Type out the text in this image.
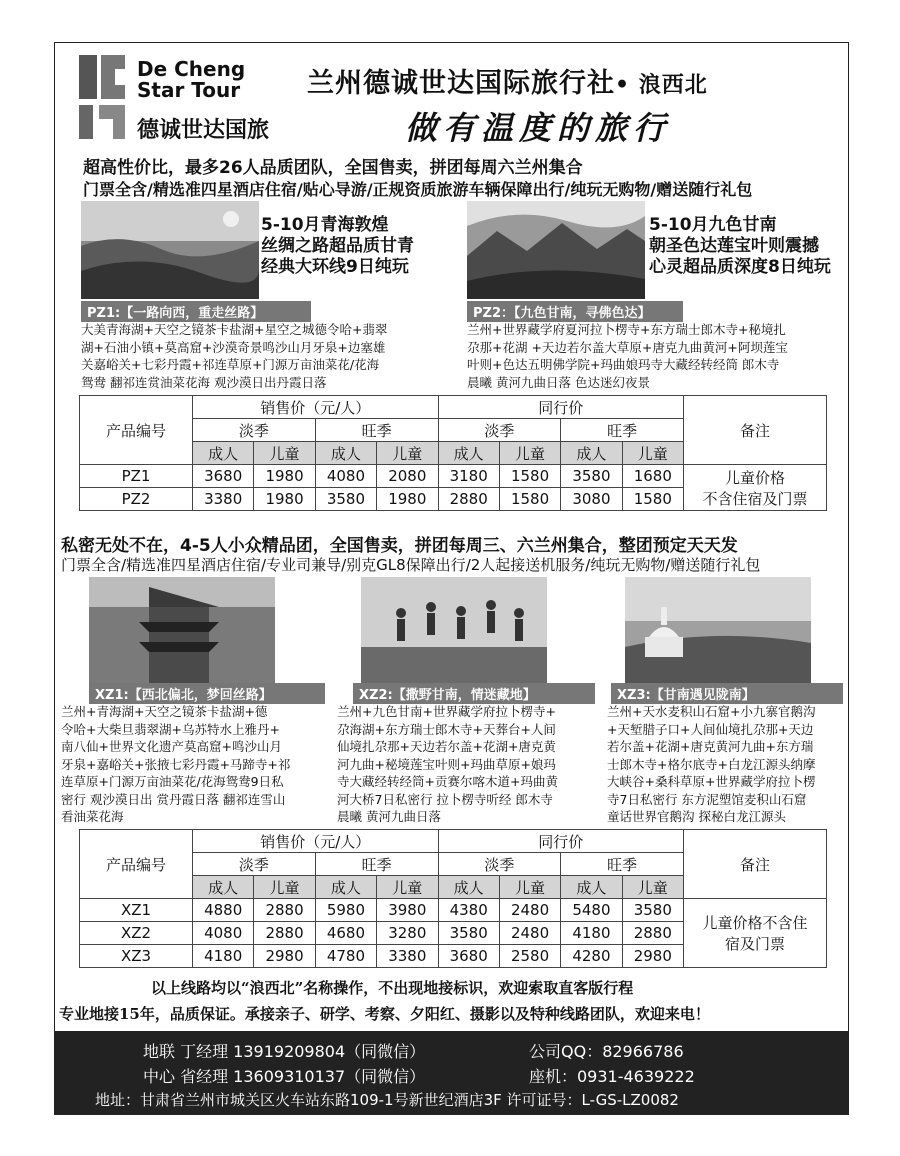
De Cheng
Star Tour
德诚世达国旅
兰州德诚世达国际旅行社• 浪西北
做有温度的旅行
超高性价比，最多26人品质团队，全国售卖，拼团每周六兰州集合
门票全含/精选准四星酒店住宿/贴心导游/正规资质旅游车辆保障出行/纯玩无购物/赠送随行礼包
5-10月青海敦煌
丝绸之路超品质甘青
经典大环线9日纯玩
PZ1:【一路向西，重走丝路】
大美青海湖+天空之镜茶卡盐湖+星空之城德令哈+翡翠
湖+石油小镇+莫高窟+沙漠奇景鸣沙山月牙泉+边塞雄
关嘉峪关+七彩丹霞+祁连草原+门源万亩油菜花/花海
鸳鸯 翻祁连赏油菜花海 观沙漠日出丹霞日落
5-10月九色甘南
朝圣色达莲宝叶则震撼
心灵超品质深度8日纯玩
PZ2：【九色甘南，寻佛色达】
兰州+世界藏学府夏河拉卜楞寺+东方瑞士郎木寺+秘境扎
尕那+花湖 +天边若尔盖大草原+唐克九曲黄河+阿坝莲宝
叶则+色达五明佛学院+玛曲娘玛寺大藏经转经筒 郎木寺
晨曦 黄河九曲日落 色达迷幻夜景
产品编号	销售价（元/人）				同行价				备注
	淡季		旺季		淡季		旺季		
	成人	儿童	成人	儿童	成人	儿童	成人	儿童	
PZ1	3680	1980	4080	2080	3180	1580	3580	1680	儿童价格
不含住宿及门票

PZ2	3380	1980	3580	1980	2880	1580	3080	1580	
私密无处不在，4-5人小众精品团，全国售卖，拼团每周三、六兰州集合，整团预定天天发
门票全含/精选准四星酒店住宿/专业司兼导/别克GL8保障出行/2人起接送机服务/纯玩无购物/赠送随行礼包
XZ1:【西北偏北，梦回丝路】	XZ2:【撒野甘南，情迷藏地】	XZ3:【甘南遇见陇南】
兰州+青海湖+天空之镜茶卡盐湖+德
令哈+大柴旦翡翠湖+乌苏特水上雅丹+
南八仙+世界文化遗产莫高窟+鸣沙山月
牙泉+嘉峪关+张掖七彩丹霞+马蹄寺+祁
连草原+门源万亩油菜花/花海鸳鸯9日私
密行 观沙漠日出 赏丹霞日落 翻祁连雪山
看油菜花海
兰州+九色甘南+世界藏学府拉卜楞寺+
尕海湖+东方瑞士郎木寺+天葬台+人间
仙境扎尕那+天边若尔盖+花湖+唐克黄
河九曲+秘境莲宝叶则+玛曲草原+娘玛
寺大藏经转经筒+贡赛尔喀木道+玛曲黄
河大桥7日私密行 拉卜楞寺听经 郎木寺
晨曦 黄河九曲日落
兰州+天水麦积山石窟+小九寨官鹅沟
+天堑腊子口+人间仙境扎尕那+天边
若尔盖+花湖+唐克黄河九曲+东方瑞
士郎木寺+格尔底寺+白龙江源头纳摩
大峡谷+桑科草原+世界藏学府拉卜楞
寺7日私密行 东方泥塑馆麦积山石窟
童话世界官鹅沟 探秘白龙江源头
产品编号	销售价（元/人）				同行价				备注
	淡季		旺季		淡季		旺季		
	成人	儿童	成人	儿童	成人	儿童	成人	儿童	
XZ1	4880	2880	5980	3980	4380	2480	5480	3580	儿童价格不含住
宿及门票

XZ2	4080	2880	4680	3280	3580	2480	4180	2880	
XZ3	4180	2980	4780	3380	3680	2580	4280	2980	
以上线路均以“浪西北”名称操作，不出现地接标识，欢迎索取直客版行程
专业地接15年，品质保证。承接亲子、研学、考察、夕阳红、摄影以及特种线路团队，欢迎来电！
地联 丁经理 13919209804（同微信）	公司QQ：82966786
中心 省经理 13609310137（同微信）	座机：0931-4639222
地址：甘肃省兰州市城关区火车站东路109-1号新世纪酒店3F 许可证号：L-GS-LZ0082
